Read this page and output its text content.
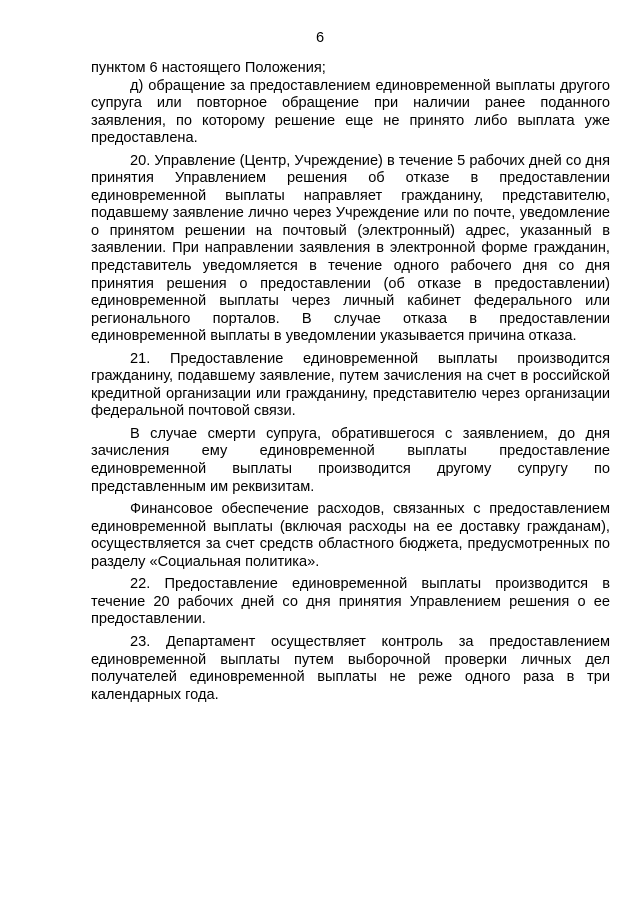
6

пунктом 6 настоящего Положения;

д) обращение за предоставлением единовременной выплаты другого супруга или повторное обращение при наличии ранее поданного заявления, по которому решение еще не принято либо выплата уже предоставлена.

20. Управление (Центр, Учреждение) в течение 5 рабочих дней со дня принятия Управлением решения об отказе в предоставлении единовременной выплаты направляет гражданину, представителю, подавшему заявление лично через Учреждение или по почте, уведомление о принятом решении на почтовый (электронный) адрес, указанный в заявлении. При направлении заявления в электронной форме гражданин, представитель уведомляется в течение одного рабочего дня со дня принятия решения о предоставлении (об отказе в предоставлении) единовременной выплаты через личный кабинет федерального или регионального порталов. В случае отказа в предоставлении единовременной выплаты в уведомлении указывается причина отказа.

21. Предоставление единовременной выплаты производится гражданину, подавшему заявление, путем зачисления на счет в российской кредитной организации или гражданину, представителю через организации федеральной почтовой связи.

В случае смерти супруга, обратившегося с заявлением, до дня зачисления ему единовременной выплаты предоставление единовременной выплаты производится другому супругу по представленным им реквизитам.

Финансовое обеспечение расходов, связанных с предоставлением единовременной выплаты (включая расходы на ее доставку гражданам), осуществляется за счет средств областного бюджета, предусмотренных по разделу «Социальная политика».

22. Предоставление единовременной выплаты производится в течение 20 рабочих дней со дня принятия Управлением решения о ее предоставлении.

23. Департамент осуществляет контроль за предоставлением единовременной выплаты путем выборочной проверки личных дел получателей единовременной выплаты не реже одного раза в три календарных года.
